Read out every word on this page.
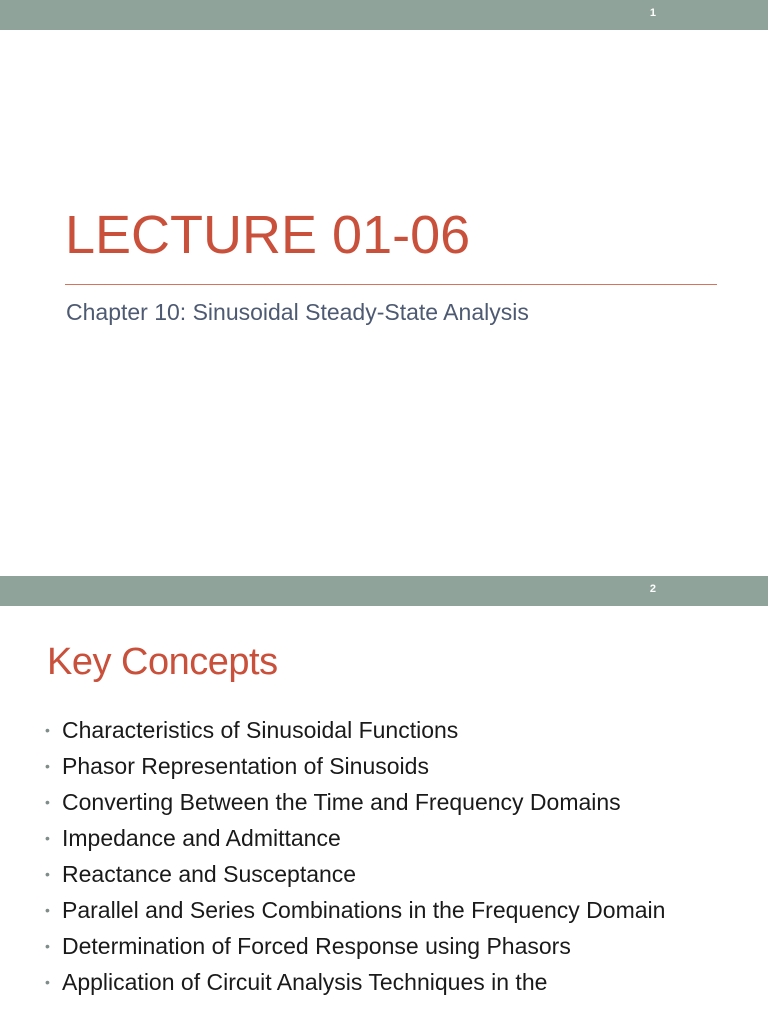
1
LECTURE 01-06
Chapter 10: Sinusoidal Steady-State Analysis
2
Key Concepts
• Characteristics of Sinusoidal Functions
• Phasor Representation of Sinusoids
• Converting Between the Time and Frequency Domains
• Impedance and Admittance
• Reactance and Susceptance
• Parallel and Series Combinations in the Frequency Domain
• Determination of Forced Response using Phasors
• Application of Circuit Analysis Techniques in the
